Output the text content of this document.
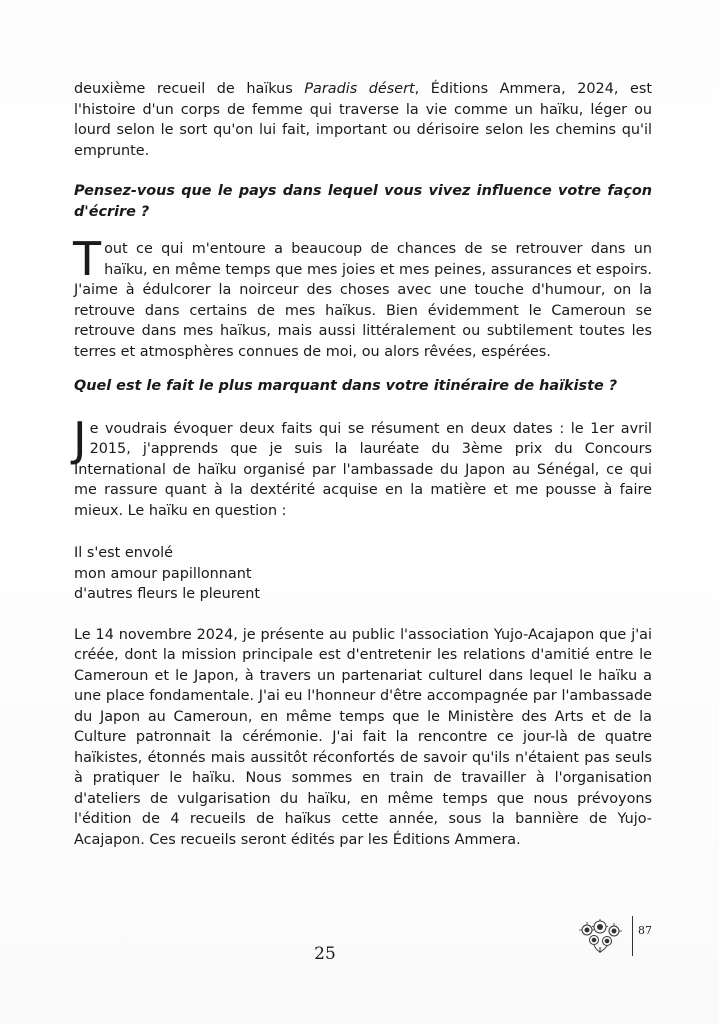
deuxième recueil de haïkus Paradis désert, Éditions Ammera, 2024, est l'histoire d'un corps de femme qui traverse la vie comme un haïku, léger ou lourd selon le sort qu'on lui fait, important ou dérisoire selon les chemins qu'il emprunte.

Pensez-vous que le pays dans lequel vous vivez influence votre façon d'écrire ?

Tout ce qui m'entoure a beaucoup de chances de se retrouver dans un haïku, en même temps que mes joies et mes peines, assurances et espoirs. J'aime à édulcorer la noirceur des choses avec une touche d'humour, on la retrouve dans certains de mes haïkus. Bien évidemment le Cameroun se retrouve dans mes haïkus, mais aussi littéralement ou subtilement toutes les terres et atmosphères connues de moi, ou alors rêvées, espérées.

Quel est le fait le plus marquant dans votre itinéraire de haïkiste ?

Je voudrais évoquer deux faits qui se résument en deux dates : le 1er avril 2015, j'apprends que je suis la lauréate du 3ème prix du Concours International de haïku organisé par l'ambassade du Japon au Sénégal, ce qui me rassure quant à la dextérité acquise en la matière et me pousse à faire mieux. Le haïku en question :

Il s'est envolé
mon amour papillonnant
d'autres fleurs le pleurent

Le 14 novembre 2024, je présente au public l'association Yujo-Acajapon que j'ai créée, dont la mission principale est d'entretenir les relations d'amitié entre le Cameroun et le Japon, à travers un partenariat culturel dans lequel le haïku a une place fondamentale. J'ai eu l'honneur d'être accompagnée par l'ambassade du Japon au Cameroun, en même temps que le Ministère des Arts et de la Culture patronnait la cérémonie. J'ai fait la rencontre ce jour-là de quatre haïkistes, étonnés mais aussitôt réconfortés de savoir qu'ils n'étaient pas seuls à pratiquer le haïku. Nous sommes en train de travailler à l'organisation d'ateliers de vulgarisation du haïku, en même temps que nous prévoyons l'édition de 4 recueils de haïkus cette année, sous la bannière de Yujo-Acajapon. Ces recueils seront édités par les Éditions Ammera.

87
25
